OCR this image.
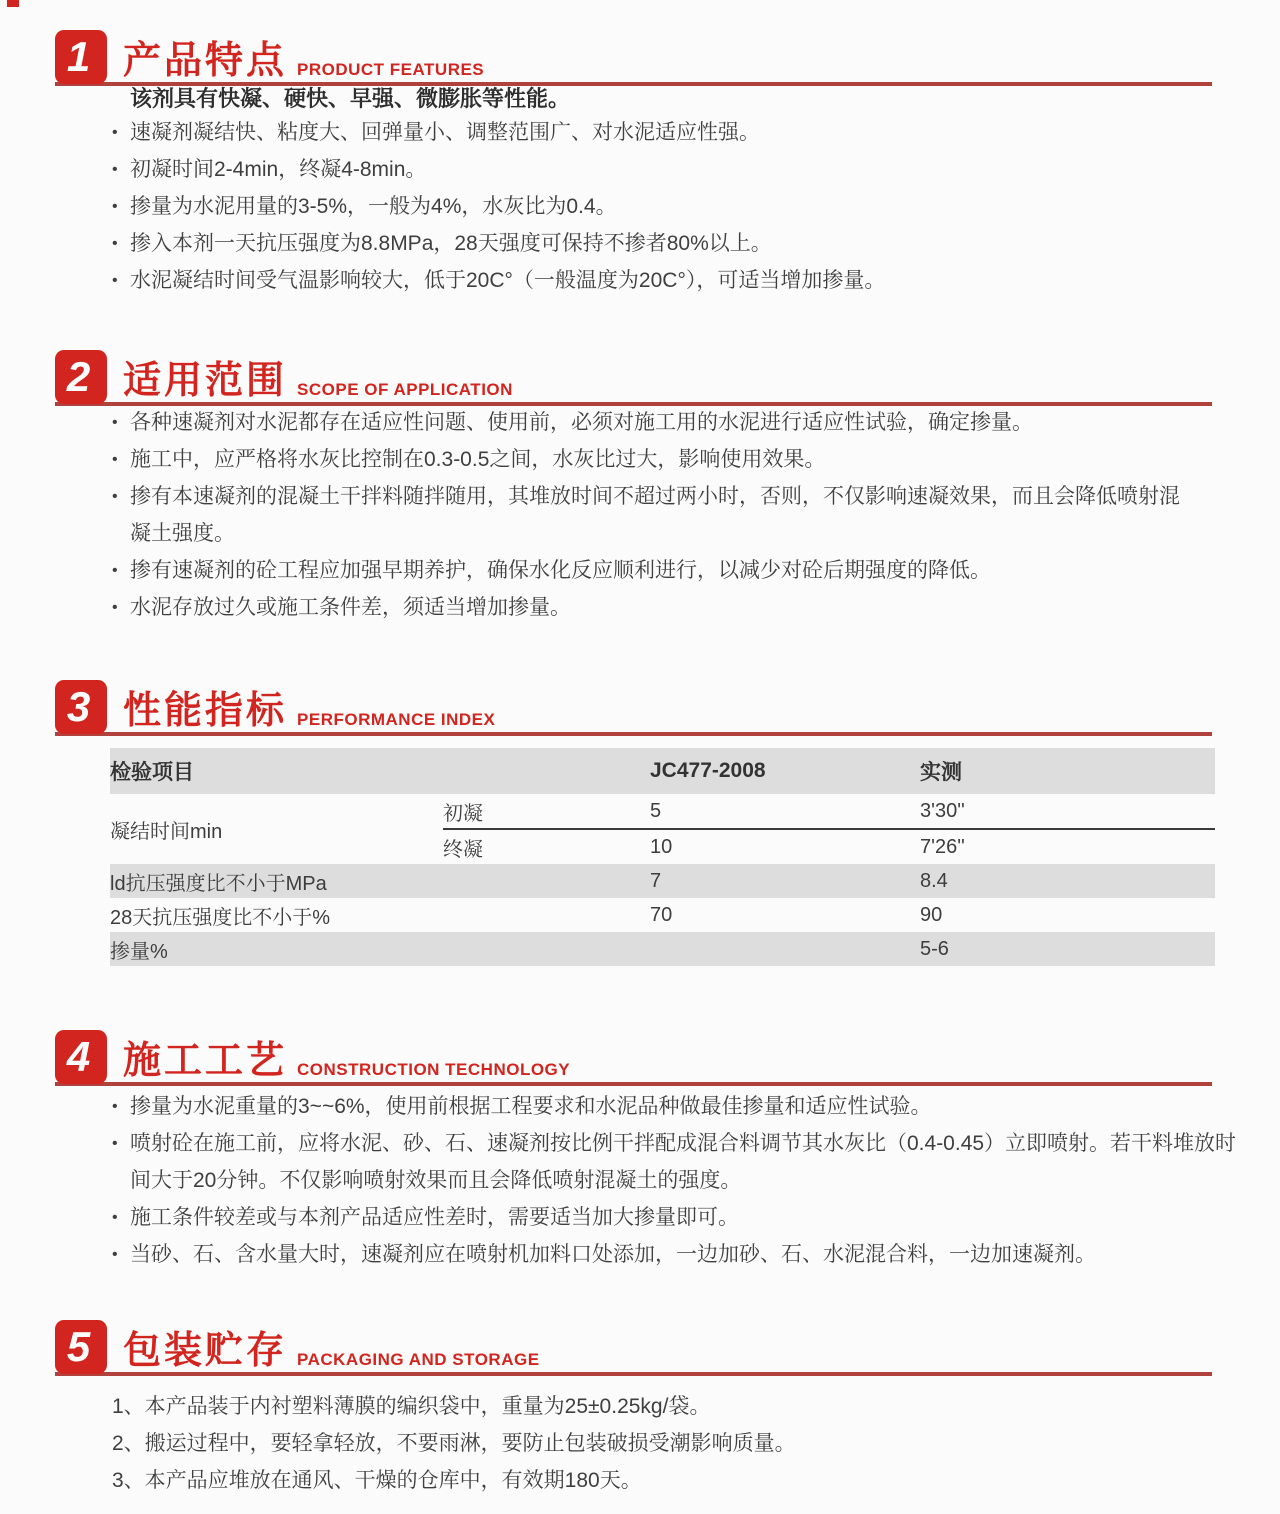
1 产品特点 PRODUCT FEATURES
该剂具有快凝、硬快、早强、微膨胀等性能。
• 速凝剂凝结快、粘度大、回弹量小、调整范围广、对水泥适应性强。
• 初凝时间2-4min，终凝4-8min。
• 掺量为水泥用量的3-5%，一般为4%，水灰比为0.4。
• 掺入本剂一天抗压强度为8.8MPa，28天强度可保持不掺者80%以上。
• 水泥凝结时间受气温影响较大，低于20C°（一般温度为20C°），可适当增加掺量。
2 适用范围 SCOPE OF APPLICATION
• 各种速凝剂对水泥都存在适应性问题、使用前，必须对施工用的水泥进行适应性试验，确定掺量。
• 施工中，应严格将水灰比控制在0.3-0.5之间，水灰比过大，影响使用效果。
• 掺有本速凝剂的混凝土干拌料随拌随用，其堆放时间不超过两小时，否则，不仅影响速凝效果，而且会降低喷射混凝土强度。
• 掺有速凝剂的砼工程应加强早期养护，确保水化反应顺利进行，以减少对砼后期强度的降低。
• 水泥存放过久或施工条件差，须适当增加掺量。
3 性能指标 PERFORMANCE INDEX
检验项目		JC477-2008	实测
凝结时间min	初凝	5	3'30''
	终凝	10	7'26''
ld抗压强度比不小于MPa		7	8.4
28天抗压强度比不小于%		70	90
掺量%			5-6
4 施工工艺 CONSTRUCTION TECHNOLOGY
• 掺量为水泥重量的3~~6%，使用前根据工程要求和水泥品种做最佳掺量和适应性试验。
• 喷射砼在施工前，应将水泥、砂、石、速凝剂按比例干拌配成混合料调节其水灰比（0.4-0.45）立即喷射。若干料堆放时间大于20分钟。不仅影响喷射效果而且会降低喷射混凝土的强度。
• 施工条件较差或与本剂产品适应性差时，需要适当加大掺量即可。
• 当砂、石、含水量大时，速凝剂应在喷射机加料口处添加，一边加砂、石、水泥混合料，一边加速凝剂。
5 包装贮存 PACKAGING AND STORAGE
1、本产品装于内衬塑料薄膜的编织袋中，重量为25±0.25kg/袋。
2、搬运过程中，要轻拿轻放，不要雨淋，要防止包装破损受潮影响质量。
3、本产品应堆放在通风、干燥的仓库中，有效期180天。
